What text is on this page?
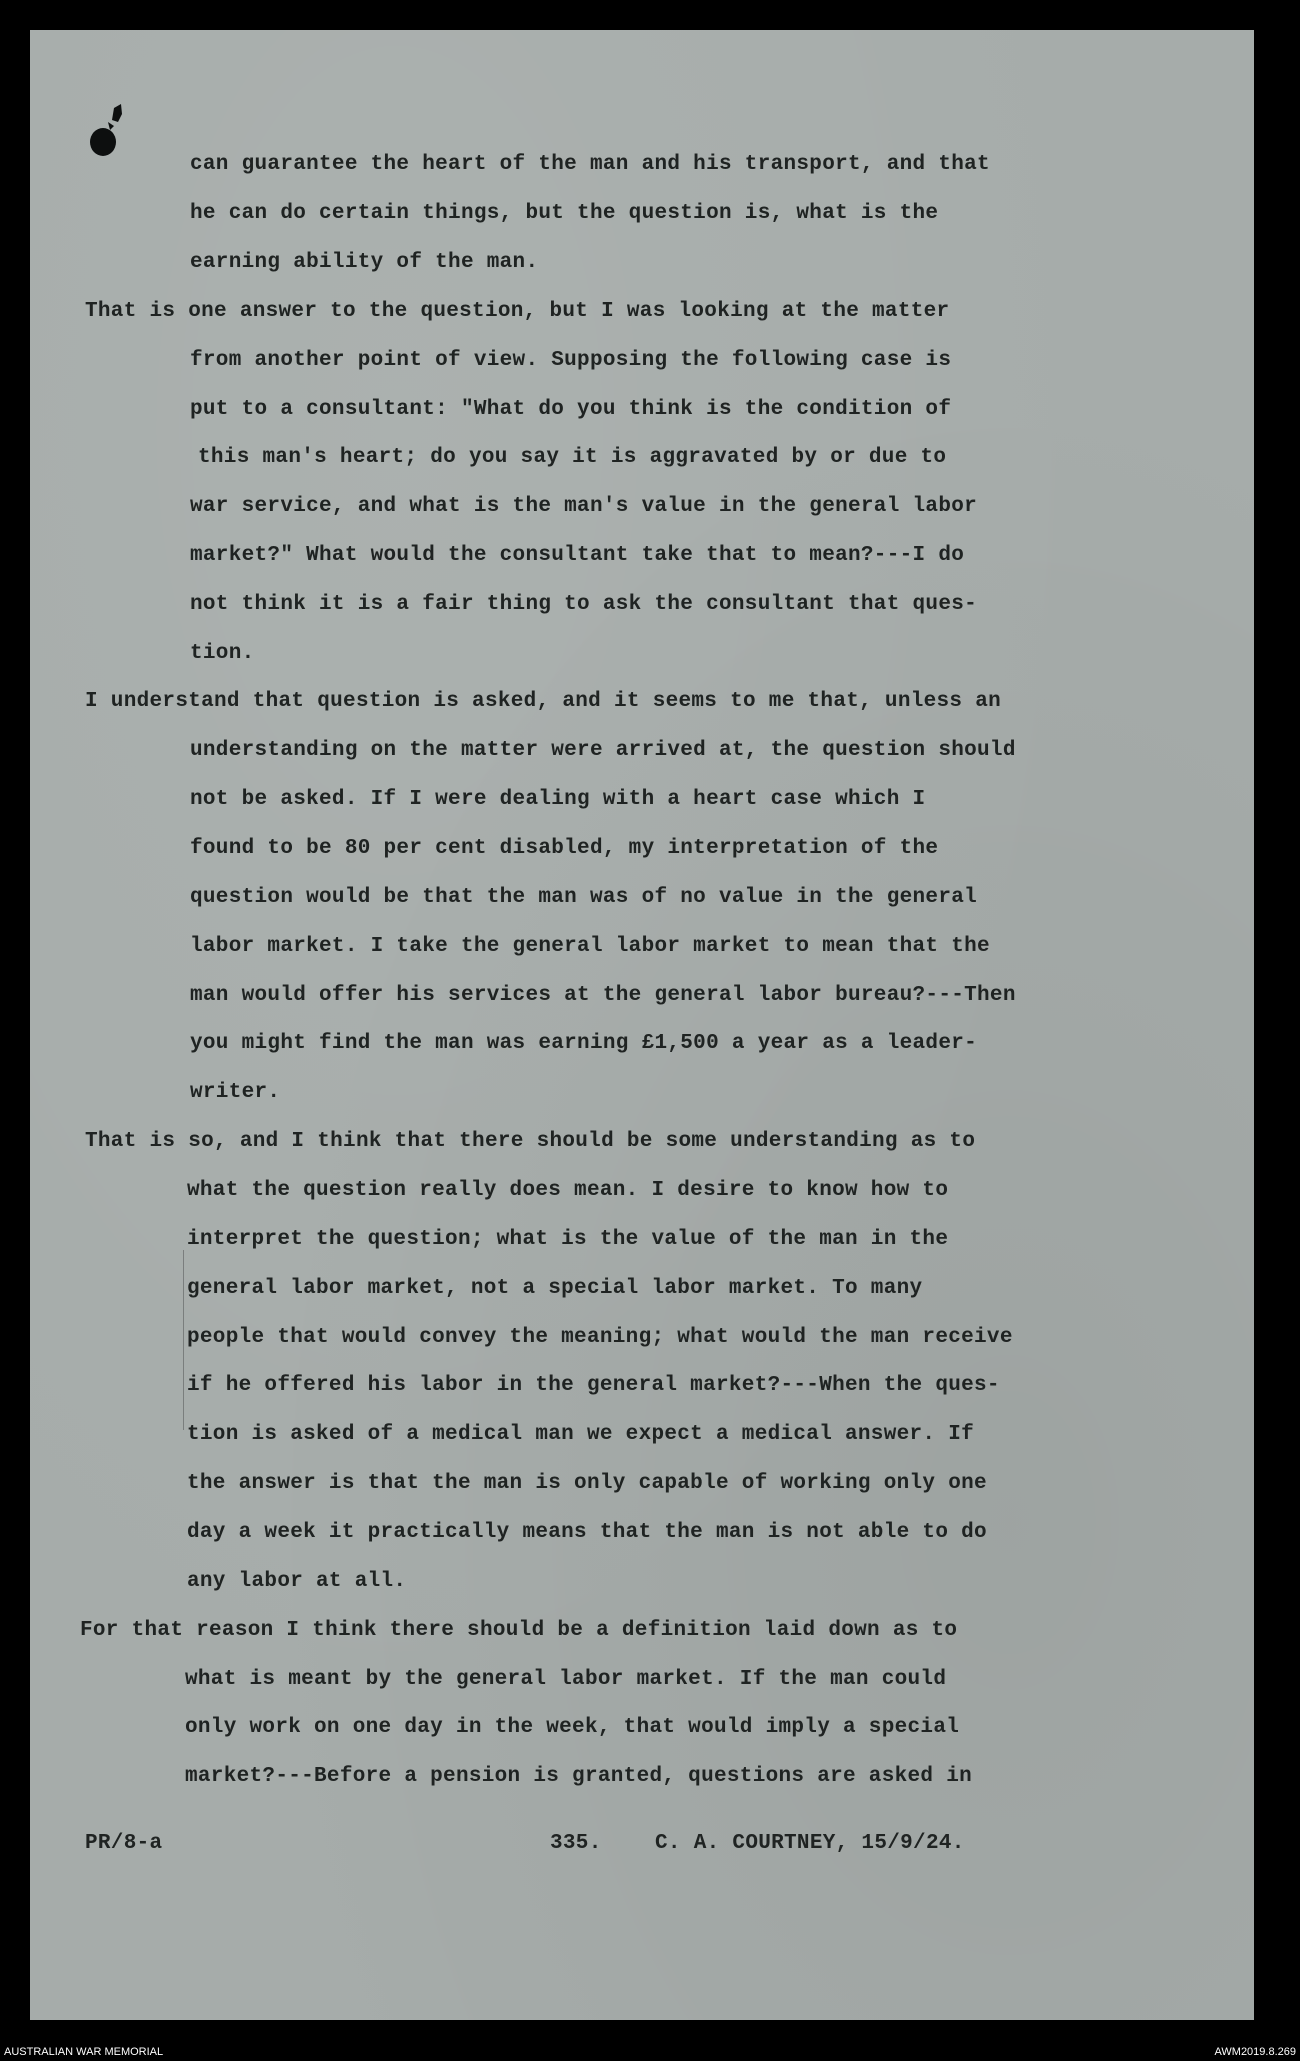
can guarantee the heart of the man and his transport, and that

he can do certain things, but the question is, what is the

earning ability of the man.

That is one answer to the question, but I was looking at the matter

from another point of view. Supposing the following case is

put to a consultant: "What do you think is the condition of

this man's heart; do you say it is aggravated by or due to

war service, and what is the man's value in the general labor

market?" What would the consultant take that to mean?---I do

not think it is a fair thing to ask the consultant that ques-

tion.

I understand that question is asked, and it seems to me that, unless an

understanding on the matter were arrived at, the question should

not be asked. If I were dealing with a heart case which I

found to be 80 per cent disabled, my interpretation of the

question would be that the man was of no value in the general

labor market. I take the general labor market to mean that the

man would offer his services at the general labor bureau?---Then

you might find the man was earning £1,500 a year as a leader-

writer.

That is so, and I think that there should be some understanding as to

what the question really does mean. I desire to know how to

interpret the question; what is the value of the man in the

general labor market, not a special labor market. To many

people that would convey the meaning; what would the man receive

if he offered his labor in the general market?---When the ques-

tion is asked of a medical man we expect a medical answer. If

the answer is that the man is only capable of working only one

day a week it practically means that the man is not able to do

any labor at all.

For that reason I think there should be a definition laid down as to

what is meant by the general labor market. If the man could

only work on one day in the week, that would imply a special

market?---Before a pension is granted, questions are asked in

PR/8-a	335.	C. A. COURTNEY, 15/9/24.

AUSTRALIAN WAR MEMORIAL	AWM2019.8.269
